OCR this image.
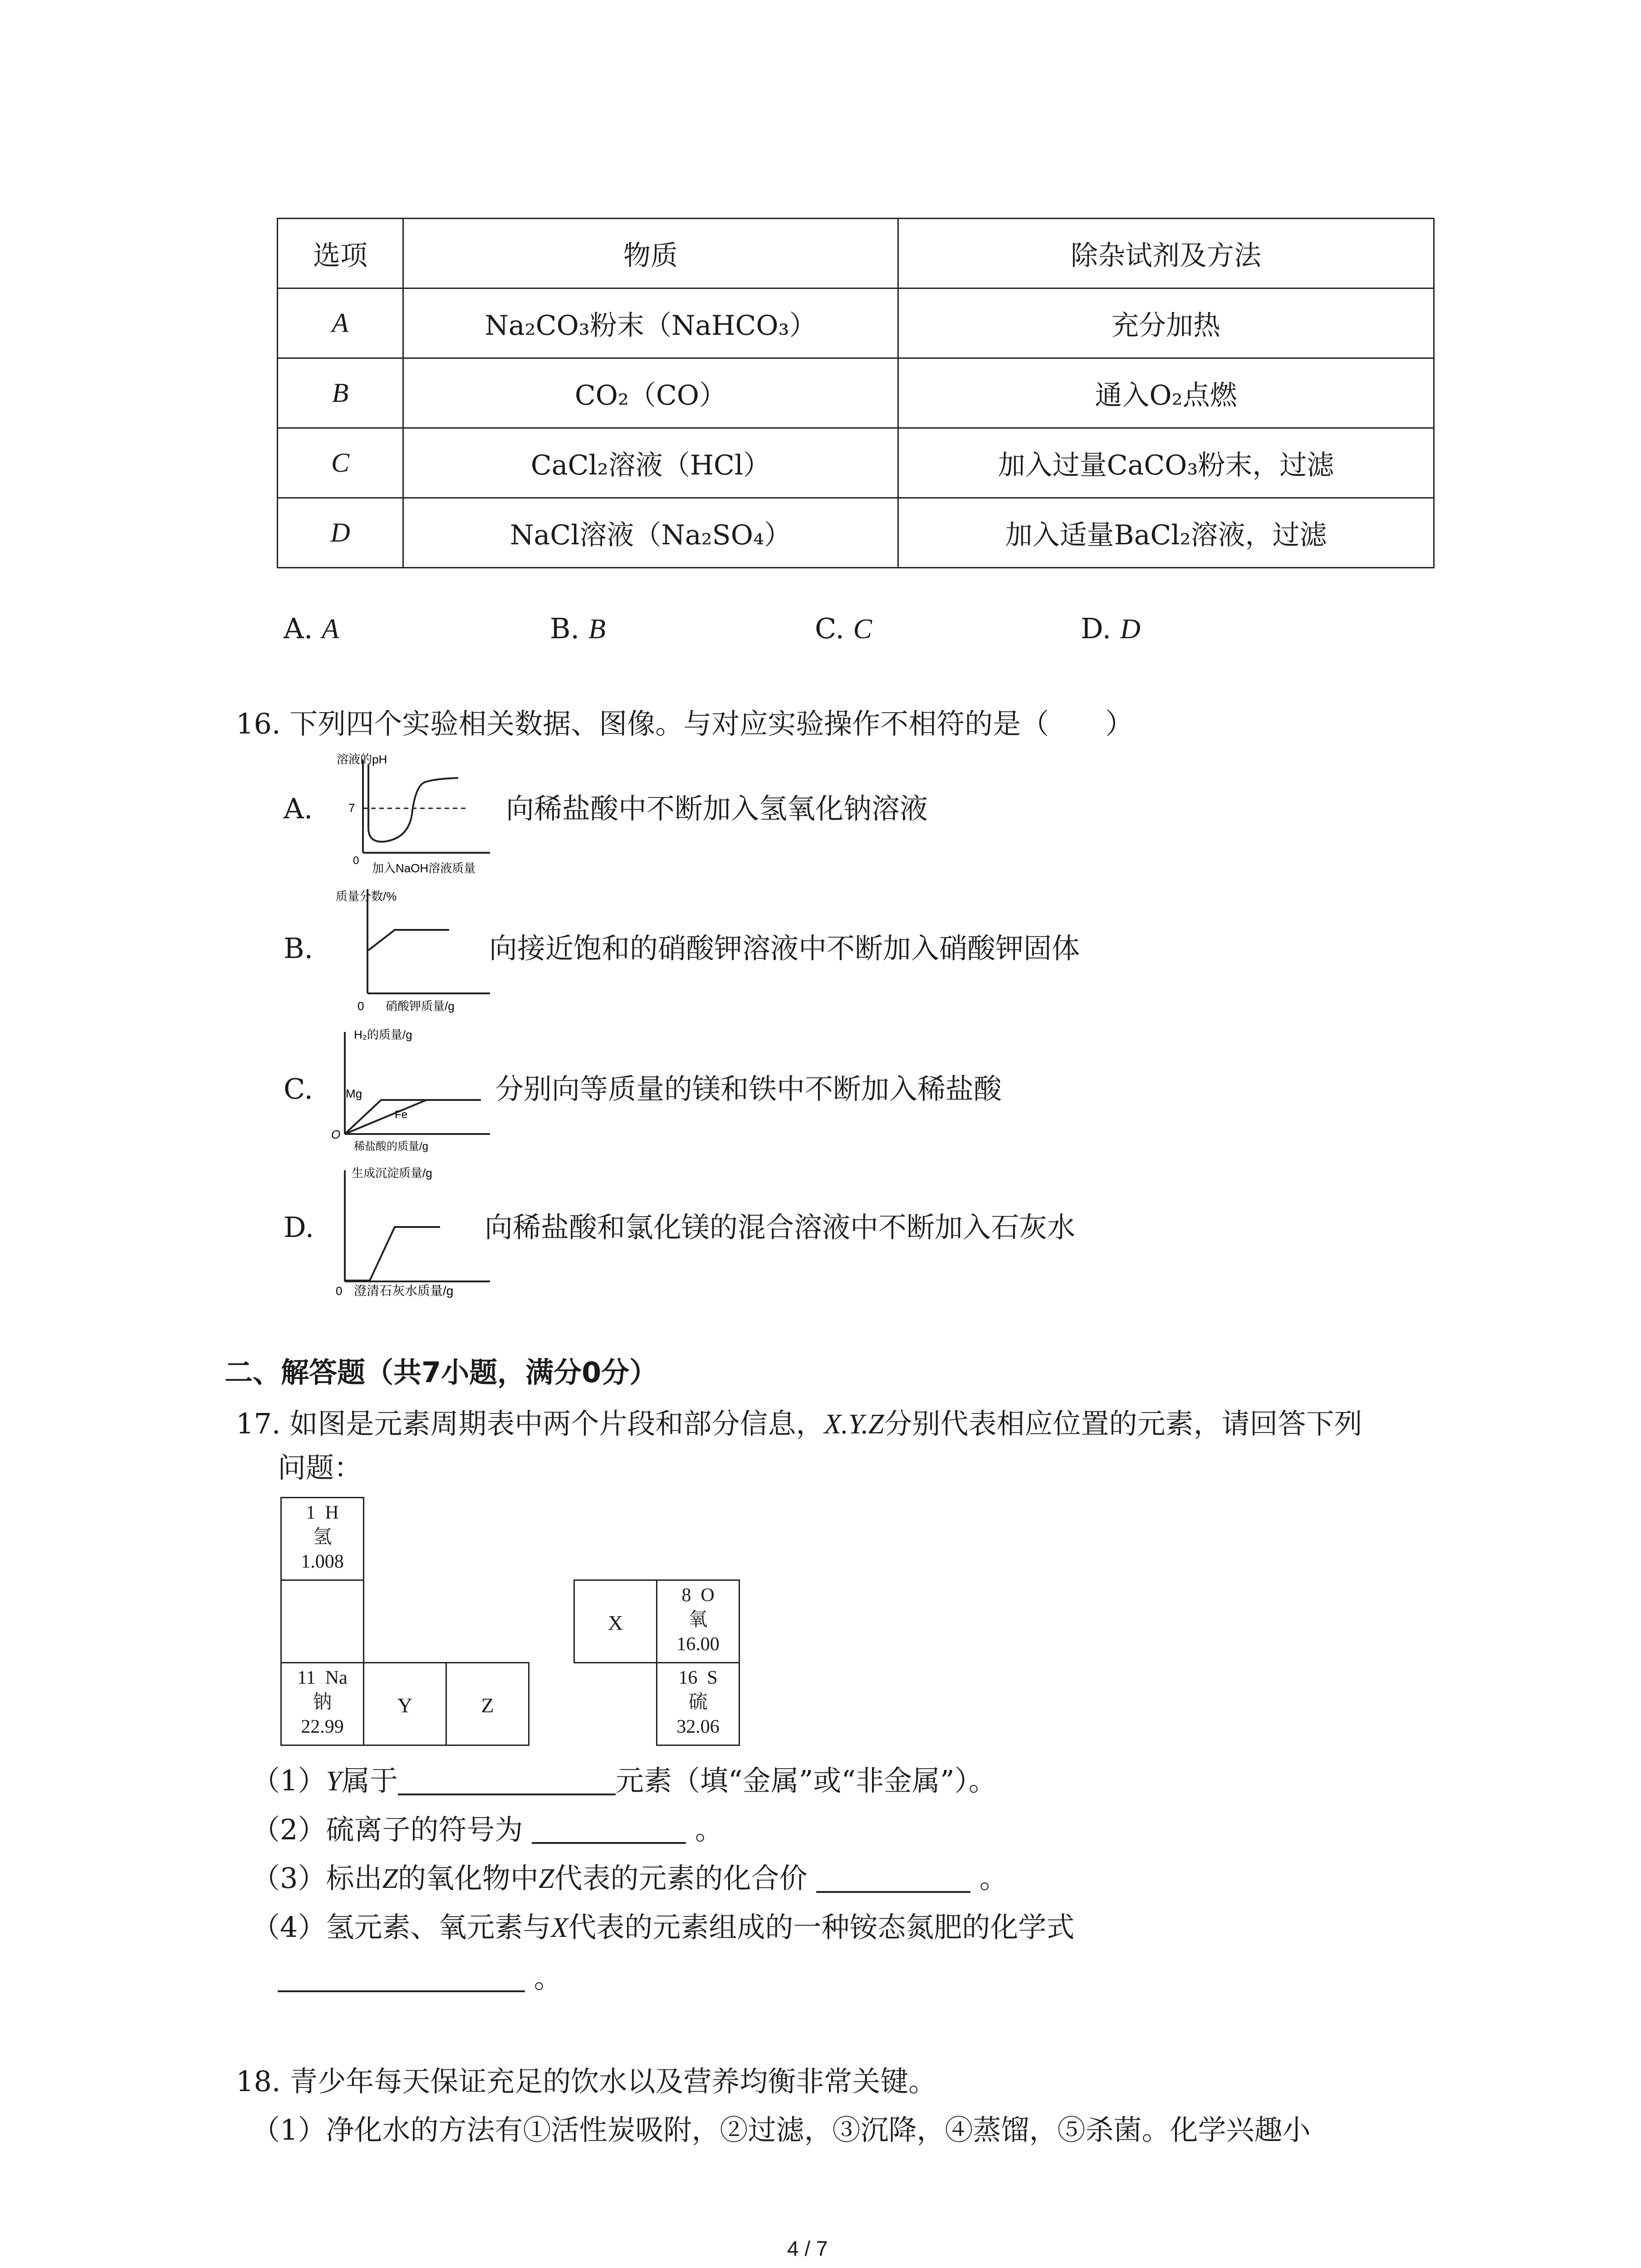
选项	物质	除杂试剂及方法
A	Na₂CO₃粉末（NaHCO₃）	充分加热
B	CO₂（CO）	通入O₂点燃
C	CaCl₂溶液（HCl）	加入过量CaCO₃粉末，过滤
D	NaCl溶液（Na₂SO₄）	加入适量BaCl₂溶液，过滤
A. A	B. B	C. C	D. D
16. 下列四个实验相关数据、图像。与对应实验操作不相符的是（　　）
A.
溶液的pH
7
0
加入NaOH溶液质量
向稀盐酸中不断加入氢氧化钠溶液
B.
质量分数/%
0 硝酸钾质量/g
向接近饱和的硝酸钾溶液中不断加入硝酸钾固体
C.
H₂的质量/g
Mg
Fe
O
稀盐酸的质量/g
分别向等质量的镁和铁中不断加入稀盐酸
D.
生成沉淀质量/g
0 澄清石灰水质量/g
向稀盐酸和氯化镁的混合溶液中不断加入石灰水
二、解答题（共7小题，满分0分）
17. 如图是元素周期表中两个片段和部分信息，X.Y.Z分别代表相应位置的元素，请回答下列
问题：
1 H
氢
1.008
11 Na
钠
22.99
Y	Z
X
8 O
氧
16.00
16 S
硫
32.06
（1）Y属于	元素（填“金属”或“非金属”）。
（2）硫离子的符号为	。
（3）标出Z的氧化物中Z代表的元素的化合价	。
（4）氢元素、氧元素与X代表的元素组成的一种铵态氮肥的化学式
。
18. 青少年每天保证充足的饮水以及营养均衡非常关键。
（1）净化水的方法有①活性炭吸附，②过滤，③沉降，④蒸馏，⑤杀菌。化学兴趣小
4 / 7
